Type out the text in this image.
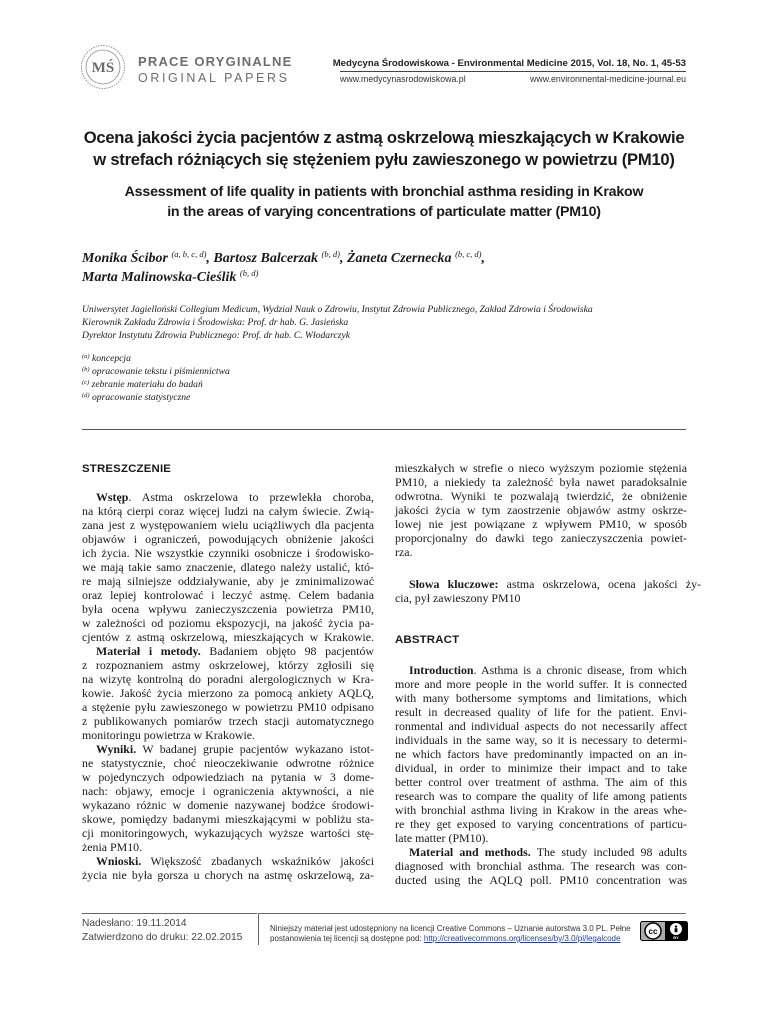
MŚ PRACE ORYGINALNE
ORIGINAL PAPERS
Medycyna Środowiskowa - Environmental Medicine 2015, Vol. 18, No. 1, 45-53
www.medycynasrodowiskowa.pl	www.environmental-medicine-journal.eu
Ocena jakości życia pacjentów z astmą oskrzelową mieszkających w Krakowie
w strefach różniących się stężeniem pyłu zawieszonego w powietrzu (PM10)
Assessment of life quality in patients with bronchial asthma residing in Krakow
in the areas of varying concentrations of particulate matter (PM10)
Monika Ścibor $^{(a, b, c, d)}$, Bartosz Balcerzak $^{(b, d)}$, Żaneta Czernecka $^{(b, c, d)}$,
Marta Malinowska-Cieślik $^{(b, d)}$
Uniwersytet Jagielloński Collegium Medicum, Wydział Nauk o Zdrowiu, Instytut Zdrowia Publicznego, Zakład Zdrowia i Środowiska
Kierownik Zakładu Zdrowia i Środowiska: Prof. dr hab. G. Jasieńska
Dyrektor Instytutu Zdrowia Publicznego: Prof. dr hab. C. Włodarczyk
$^{(a)}$ koncepcja
$^{(b)}$ opracowanie tekstu i piśmiennictwa
$^{(c)}$ zebranie materiału do badań
$^{(d)}$ opracowanie statystyczne
STRESZCZENIE
Wstęp. Astma oskrzelowa to przewlekła choroba,
na którą cierpi coraz więcej ludzi na całym świecie. Zwią-
zana jest z występowaniem wielu uciążliwych dla pacjenta
objawów i ograniczeń, powodujących obniżenie jakości
ich życia. Nie wszystkie czynniki osobnicze i środowisko-
we mają takie samo znaczenie, dlatego należy ustalić, któ-
re mają silniejsze oddziaływanie, aby je zminimalizować
oraz lepiej kontrolować i leczyć astmę. Celem badania
była ocena wpływu zanieczyszczenia powietrza PM10,
w zależności od poziomu ekspozycji, na jakość życia pa-
cjentów z astmą oskrzelową, mieszkających w Krakowie.
Materiał i metody. Badaniem objęto 98 pacjentów
z rozpoznaniem astmy oskrzelowej, którzy zgłosili się
na wizytę kontrolną do poradni alergologicznych w Kra-
kowie. Jakość życia mierzono za pomocą ankiety AQLQ,
a stężenie pyłu zawieszonego w powietrzu PM10 odpisano
z publikowanych pomiarów trzech stacji automatycznego
monitoringu powietrza w Krakowie.
Wyniki. W badanej grupie pacjentów wykazano istot-
ne statystycznie, choć nieoczekiwanie odwrotne różnice
w pojedynczych odpowiedziach na pytania w 3 dome-
nach: objawy, emocje i ograniczenia aktywności, a nie
wykazano różnic w domenie nazywanej bodźce środowi-
skowe, pomiędzy badanymi mieszkającymi w pobliżu sta-
cji monitoringowych, wykazujących wyższe wartości stę-
żenia PM10.
Wnioski. Większość zbadanych wskaźników jakości
życia nie była gorsza u chorych na astmę oskrzelową, za-
mieszkałych w strefie o nieco wyższym poziomie stężenia
PM10, a niekiedy ta zależność była nawet paradoksalnie
odwrotna. Wyniki te pozwalają twierdzić, że obniżenie
jakości życia w tym zaostrzenie objawów astmy oskrze-
lowej nie jest powiązane z wpływem PM10, w sposób
proporcjonalny do dawki tego zanieczyszczenia powiet-
rza.
Słowa kluczowe: astma oskrzelowa, ocena jakości ży-
cia, pył zawieszony PM10
ABSTRACT
Introduction. Asthma is a chronic disease, from which
more and more people in the world suffer. It is connected
with many bothersome symptoms and limitations, which
result in decreased quality of life for the patient. Envi-
ronmental and individual aspects do not necessarily affect
individuals in the same way, so it is necessary to determi-
ne which factors have predominantly impacted on an in-
dividual, in order to minimize their impact and to take
better control over treatment of asthma. The aim of this
research was to compare the quality of life among patients
with bronchial asthma living in Krakow in the areas whe-
re they get exposed to varying concentrations of particu-
late matter (PM10).
Material and methods. The study included 98 adults
diagnosed with bronchial asthma. The research was con-
ducted using the AQLQ poll. PM10 concentration was
Nadesłano: 19.11.2014
Zatwierdzono do druku: 22.02.2015
Niniejszy materiał jest udostępniony na licencji Creative Commons – Uznanie autorstwa 3.0 PL. Pełne
postanowienia tej licencji są dostępne pod: http://creativecommons.org/licenses/by/3.0/pl/legalcode
cc
BY
